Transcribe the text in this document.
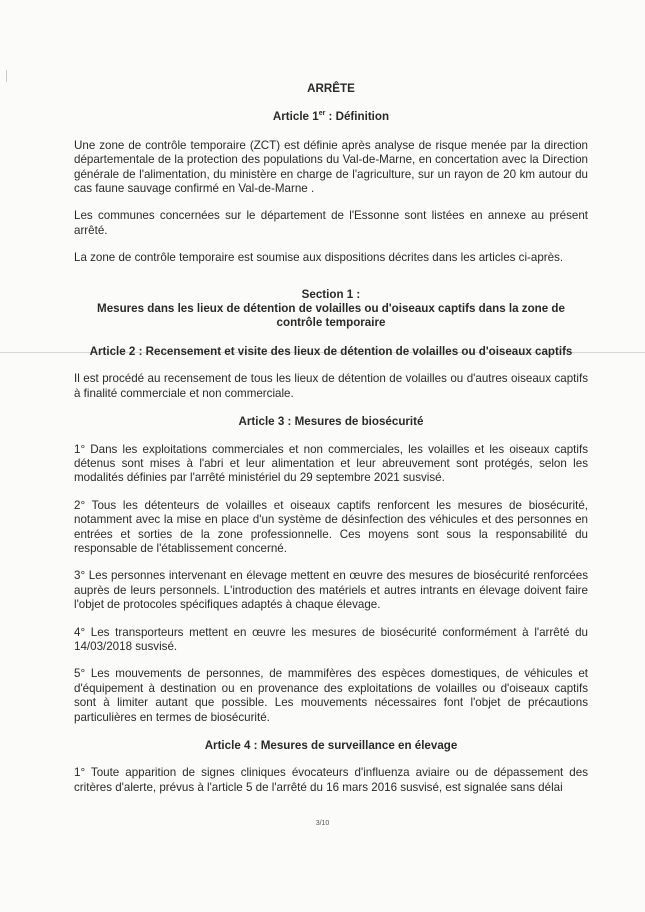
ARRÊTE
Article 1er : Définition

Une zone de contrôle temporaire (ZCT) est définie après analyse de risque menée par la direction départementale de la protection des populations du Val-de-Marne, en concertation avec la Direction générale de l'alimentation, du ministère en charge de l'agriculture, sur un rayon de 20 km autour du cas faune sauvage confirmé en Val-de-Marne .

Les communes concernées sur le département de l'Essonne sont listées en annexe au présent arrêté.

La zone de contrôle temporaire est soumise aux dispositions décrites dans les articles ci-après.

Section 1 :
Mesures dans les lieux de détention de volailles ou d'oiseaux captifs dans la zone de contrôle temporaire
Article 2 : Recensement et visite des lieux de détention de volailles ou d'oiseaux captifs

Il est procédé au recensement de tous les lieux de détention de volailles ou d'autres oiseaux captifs à finalité commerciale et non commerciale.

Article 3 : Mesures de biosécurité

1° Dans les exploitations commerciales et non commerciales, les volailles et les oiseaux captifs détenus sont mises à l'abri et leur alimentation et leur abreuvement sont protégés, selon les modalités définies par l'arrêté ministériel du 29 septembre 2021 susvisé.

2° Tous les détenteurs de volailles et oiseaux captifs renforcent les mesures de biosécurité, notamment avec la mise en place d'un système de désinfection des véhicules et des personnes en entrées et sorties de la zone professionnelle. Ces moyens sont sous la responsabilité du responsable de l'établissement concerné.

3° Les personnes intervenant en élevage mettent en œuvre des mesures de biosécurité renforcées auprès de leurs personnels. L'introduction des matériels et autres intrants en élevage doivent faire l'objet de protocoles spécifiques adaptés à chaque élevage.

4° Les transporteurs mettent en œuvre les mesures de biosécurité conformément à l'arrêté du 14/03/2018 susvisé.

5° Les mouvements de personnes, de mammifères des espèces domestiques, de véhicules et d'équipement à destination ou en provenance des exploitations de volailles ou d'oiseaux captifs sont à limiter autant que possible. Les mouvements nécessaires font l'objet de précautions particulières en termes de biosécurité.

Article 4 : Mesures de surveillance en élevage

1° Toute apparition de signes cliniques évocateurs d'influenza aviaire ou de dépassement des critères d'alerte, prévus à l'article 5 de l'arrêté du 16 mars 2016 susvisé, est signalée sans délai

3/10
